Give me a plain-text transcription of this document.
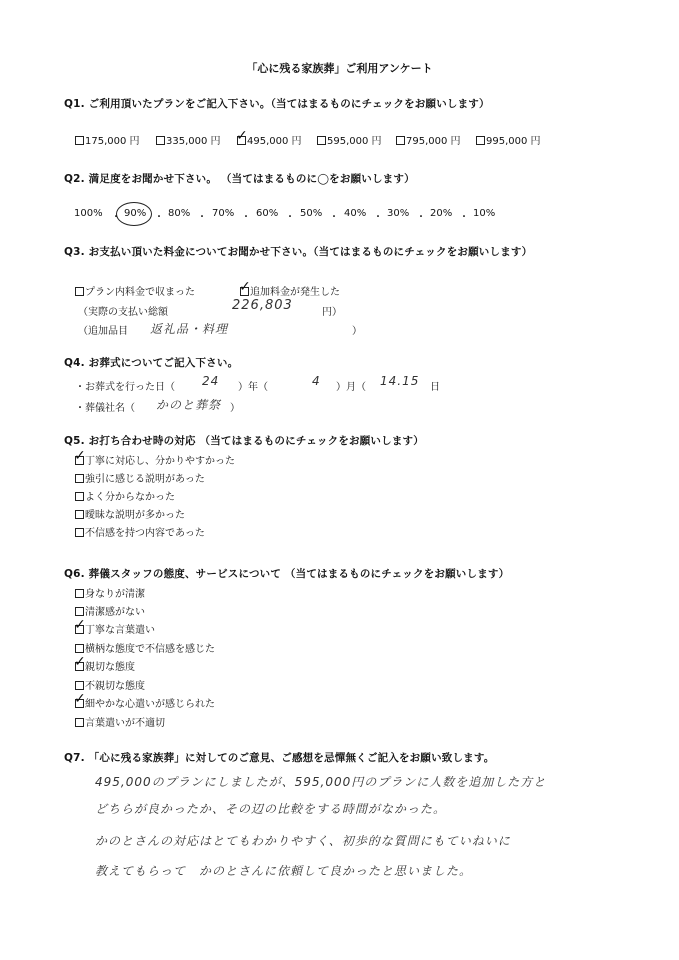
「心に残る家族葬」ご利用アンケート
Q1. ご利用頂いたプランをご記入下さい。（当てはまるものにチェックをお願いします）
175,000 円	335,000 円 ✓	495,000 円	595,000 円	795,000 円	995,000 円
Q2. 満足度をお聞かせ下さい。 （当てはまるものに◯をお願いします）
100% ・ 90% ・ 80% ・ 70% ・ 60% ・ 50% ・ 40% ・ 30% ・ 20% ・ 10%
Q3. お支払い頂いた料金についてお聞かせ下さい。（当てはまるものにチェックをお願いします）
プラン内料金で収まった ✓	追加料金が発生した
（実際の支払い総額	226,803	円）
（追加品目 返礼品・料理	）
Q4. お葬式についてご記入下さい。
・お葬式を行った日（ 24 ）年（	4 ）月（ 14.15 日
・葬儀社名（ かのと葬祭 ）
Q5. お打ち合わせ時の対応 （当てはまるものにチェックをお願いします）
✓丁寧に対応し、分かりやすかった
強引に感じる説明があった
よく分からなかった
曖昧な説明が多かった
不信感を持つ内容であった
Q6. 葬儀スタッフの態度、サービスについて （当てはまるものにチェックをお願いします）
身なりが清潔
清潔感がない
✓丁寧な言葉遣い
横柄な態度で不信感を感じた
✓親切な態度
不親切な態度
✓細やかな心遣いが感じられた
言葉遣いが不適切
Q7. 「心に残る家族葬」に対してのご意見、ご感想を忌憚無くご記入をお願い致します。
495,000のプランにしましたが、595,000円のプランに人数を追加した方と
どちらが良かったか、その辺の比較をする時間がなかった。
かのとさんの対応はとてもわかりやすく、初歩的な質問にもていねいに
教えてもらって　かのとさんに依頼して良かったと思いました。
